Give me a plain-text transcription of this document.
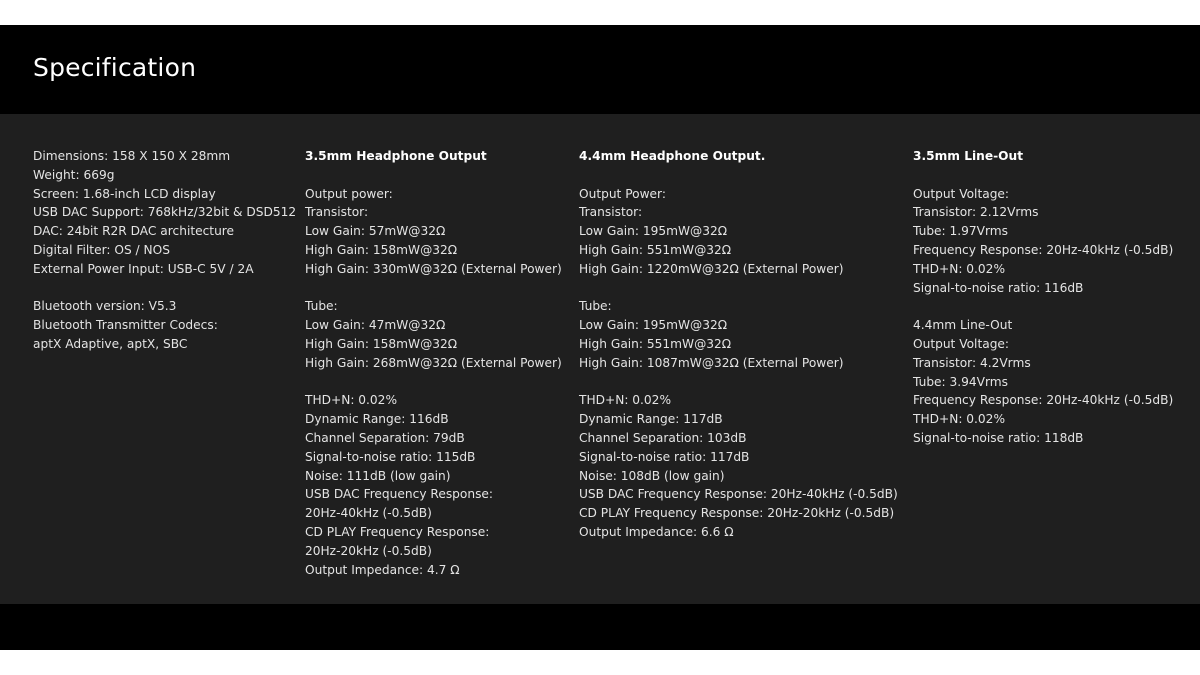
Specification
Dimensions: 158 X 150 X 28mm
Weight: 669g
Screen: 1.68-inch LCD display
USB DAC Support: 768kHz/32bit & DSD512
DAC: 24bit R2R DAC architecture
Digital Filter: OS / NOS
External Power Input: USB-C 5V / 2A
Bluetooth version: V5.3
Bluetooth Transmitter Codecs:
aptX Adaptive, aptX, SBC
3.5mm Headphone Output
Output power:
Transistor:
Low Gain: 57mW@32Ω
High Gain: 158mW@32Ω
High Gain: 330mW@32Ω (External Power)
Tube:
Low Gain: 47mW@32Ω
High Gain: 158mW@32Ω
High Gain: 268mW@32Ω (External Power)
THD+N: 0.02%
Dynamic Range: 116dB
Channel Separation: 79dB
Signal-to-noise ratio: 115dB
Noise: 111dB (low gain)
USB DAC Frequency Response:
20Hz-40kHz (-0.5dB)
CD PLAY Frequency Response:
20Hz-20kHz (-0.5dB)
Output Impedance: 4.7 Ω
4.4mm Headphone Output.
Output Power:
Transistor:
Low Gain: 195mW@32Ω
High Gain: 551mW@32Ω
High Gain: 1220mW@32Ω (External Power)
Tube:
Low Gain: 195mW@32Ω
High Gain: 551mW@32Ω
High Gain: 1087mW@32Ω (External Power)
THD+N: 0.02%
Dynamic Range: 117dB
Channel Separation: 103dB
Signal-to-noise ratio: 117dB
Noise: 108dB (low gain)
USB DAC Frequency Response: 20Hz-40kHz (-0.5dB)
CD PLAY Frequency Response: 20Hz-20kHz (-0.5dB)
Output Impedance: 6.6 Ω
3.5mm Line-Out
Output Voltage:
Transistor: 2.12Vrms
Tube: 1.97Vrms
Frequency Response: 20Hz-40kHz (-0.5dB)
THD+N: 0.02%
Signal-to-noise ratio: 116dB
4.4mm Line-Out
Output Voltage:
Transistor: 4.2Vrms
Tube: 3.94Vrms
Frequency Response: 20Hz-40kHz (-0.5dB)
THD+N: 0.02%
Signal-to-noise ratio: 118dB
